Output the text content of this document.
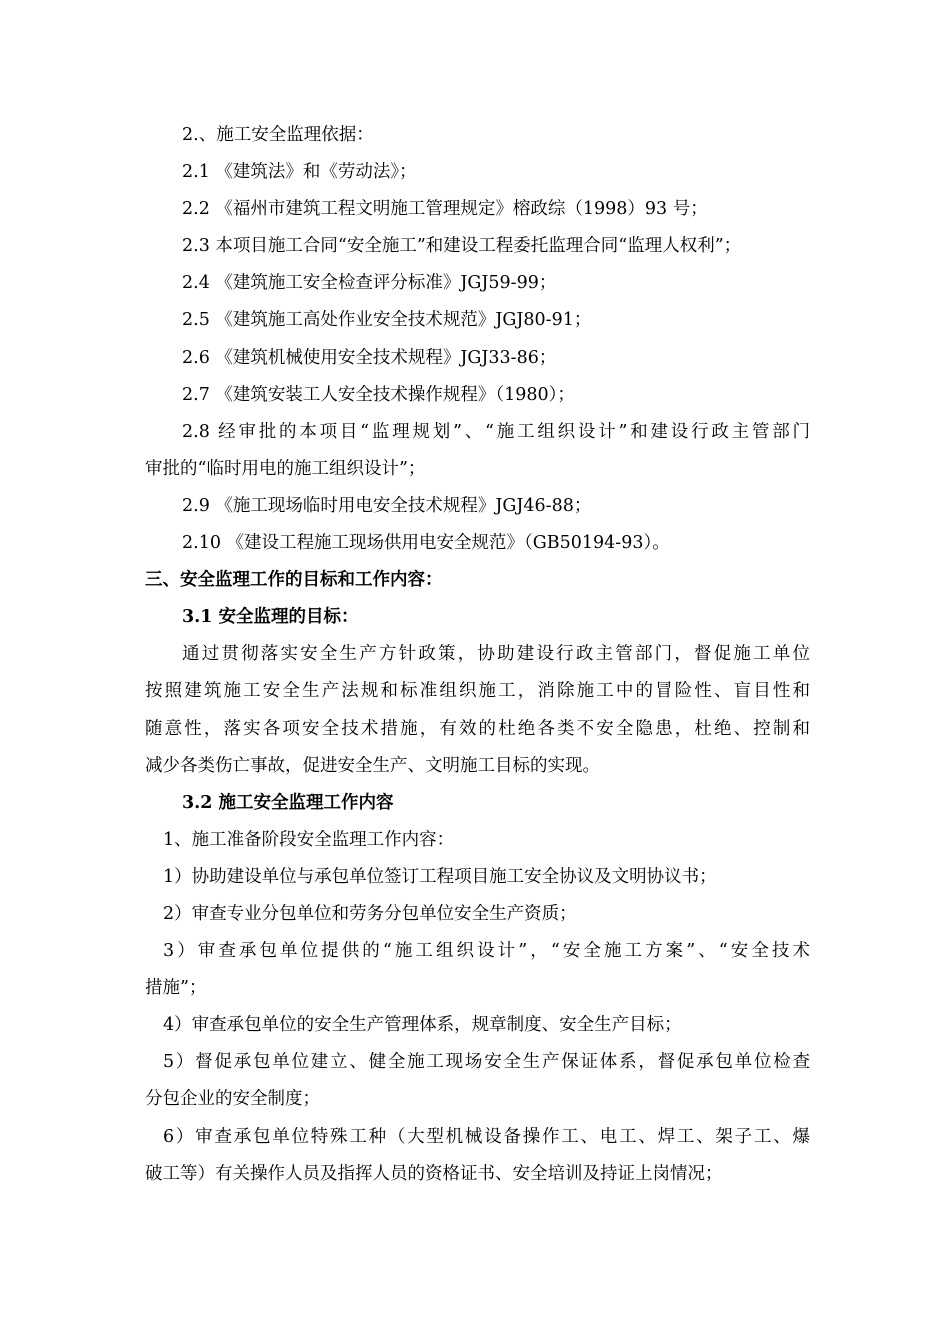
2.、施工安全监理依据：
2.1 《建筑法》和《劳动法》；
2.2 《福州市建筑工程文明施工管理规定》榕政综（1998）93 号；
2.3 本项目施工合同“安全施工”和建设工程委托监理合同“监理人权利”；
2.4 《建筑施工安全检查评分标准》JGJ59-99；
2.5 《建筑施工高处作业安全技术规范》JGJ80-91；
2.6 《建筑机械使用安全技术规程》JGJ33-86；
2.7 《建筑安装工人安全技术操作规程》（1980）；
2.8 经审批的本项目“监理规划”、“施工组织设计”和建设行政主管部门
审批的“临时用电的施工组织设计”；
2.9 《施工现场临时用电安全技术规程》JGJ46-88；
2.10 《建设工程施工现场供用电安全规范》（GB50194-93）。
三、安全监理工作的目标和工作内容：
3.1 安全监理的目标：
通过贯彻落实安全生产方针政策，协助建设行政主管部门，督促施工单位
按照建筑施工安全生产法规和标准组织施工，消除施工中的冒险性、盲目性和
随意性，落实各项安全技术措施，有效的杜绝各类不安全隐患，杜绝、控制和
减少各类伤亡事故，促进安全生产、文明施工目标的实现。
3.2 施工安全监理工作内容
1、施工准备阶段安全监理工作内容：
1）协助建设单位与承包单位签订工程项目施工安全协议及文明协议书；
2）审查专业分包单位和劳务分包单位安全生产资质；
3）审查承包单位提供的“施工组织设计”，“安全施工方案”、“安全技术
措施”；
4）审查承包单位的安全生产管理体系，规章制度、安全生产目标；
5）督促承包单位建立、健全施工现场安全生产保证体系，督促承包单位检查
分包企业的安全制度；
6）审查承包单位特殊工种（大型机械设备操作工、电工、焊工、架子工、爆
破工等）有关操作人员及指挥人员的资格证书、安全培训及持证上岗情况；
